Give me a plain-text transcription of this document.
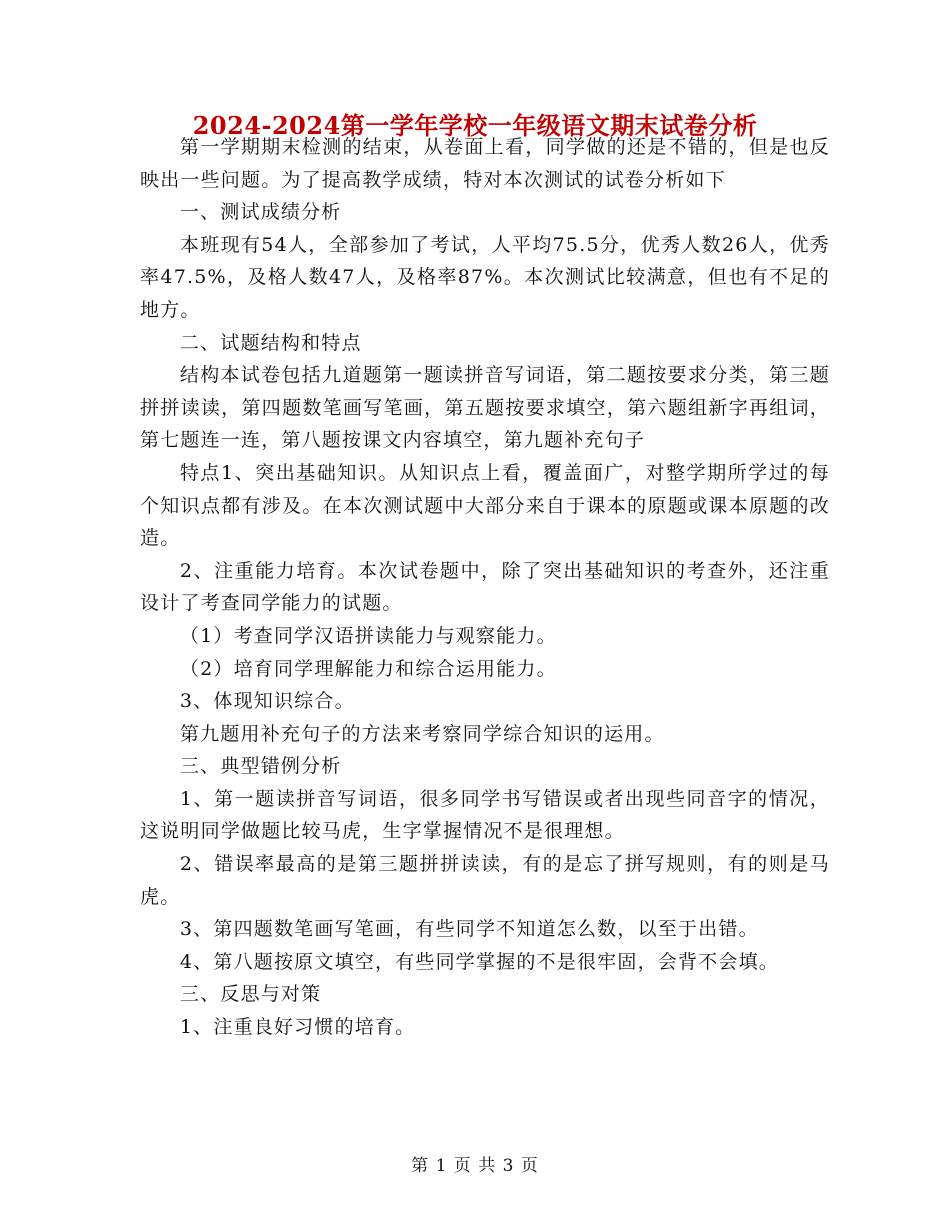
2024-2024第一学年学校一年级语文期末试卷分析

第一学期期末检测的结束，从卷面上看，同学做的还是不错的，但是也反映出一些问题。为了提高教学成绩，特对本次测试的试卷分析如下

一、测试成绩分析

本班现有54人，全部参加了考试，人平均75.5分，优秀人数26人，优秀率47.5%，及格人数47人，及格率87%。本次测试比较满意，但也有不足的地方。

二、试题结构和特点

结构本试卷包括九道题第一题读拼音写词语，第二题按要求分类，第三题拼拼读读，第四题数笔画写笔画，第五题按要求填空，第六题组新字再组词，第七题连一连，第八题按课文内容填空，第九题补充句子

特点1、突出基础知识。从知识点上看，覆盖面广，对整学期所学过的每个知识点都有涉及。在本次测试题中大部分来自于课本的原题或课本原题的改造。

2、注重能力培育。本次试卷题中，除了突出基础知识的考查外，还注重设计了考查同学能力的试题。

（1）考查同学汉语拼读能力与观察能力。

（2）培育同学理解能力和综合运用能力。

3、体现知识综合。

第九题用补充句子的方法来考察同学综合知识的运用。

三、典型错例分析

1、第一题读拼音写词语，很多同学书写错误或者出现些同音字的情况，这说明同学做题比较马虎，生字掌握情况不是很理想。

2、错误率最高的是第三题拼拼读读，有的是忘了拼写规则，有的则是马虎。

3、第四题数笔画写笔画，有些同学不知道怎么数，以至于出错。

4、第八题按原文填空，有些同学掌握的不是很牢固，会背不会填。

三、反思与对策

1、注重良好习惯的培育。

第 1 页 共 3 页
